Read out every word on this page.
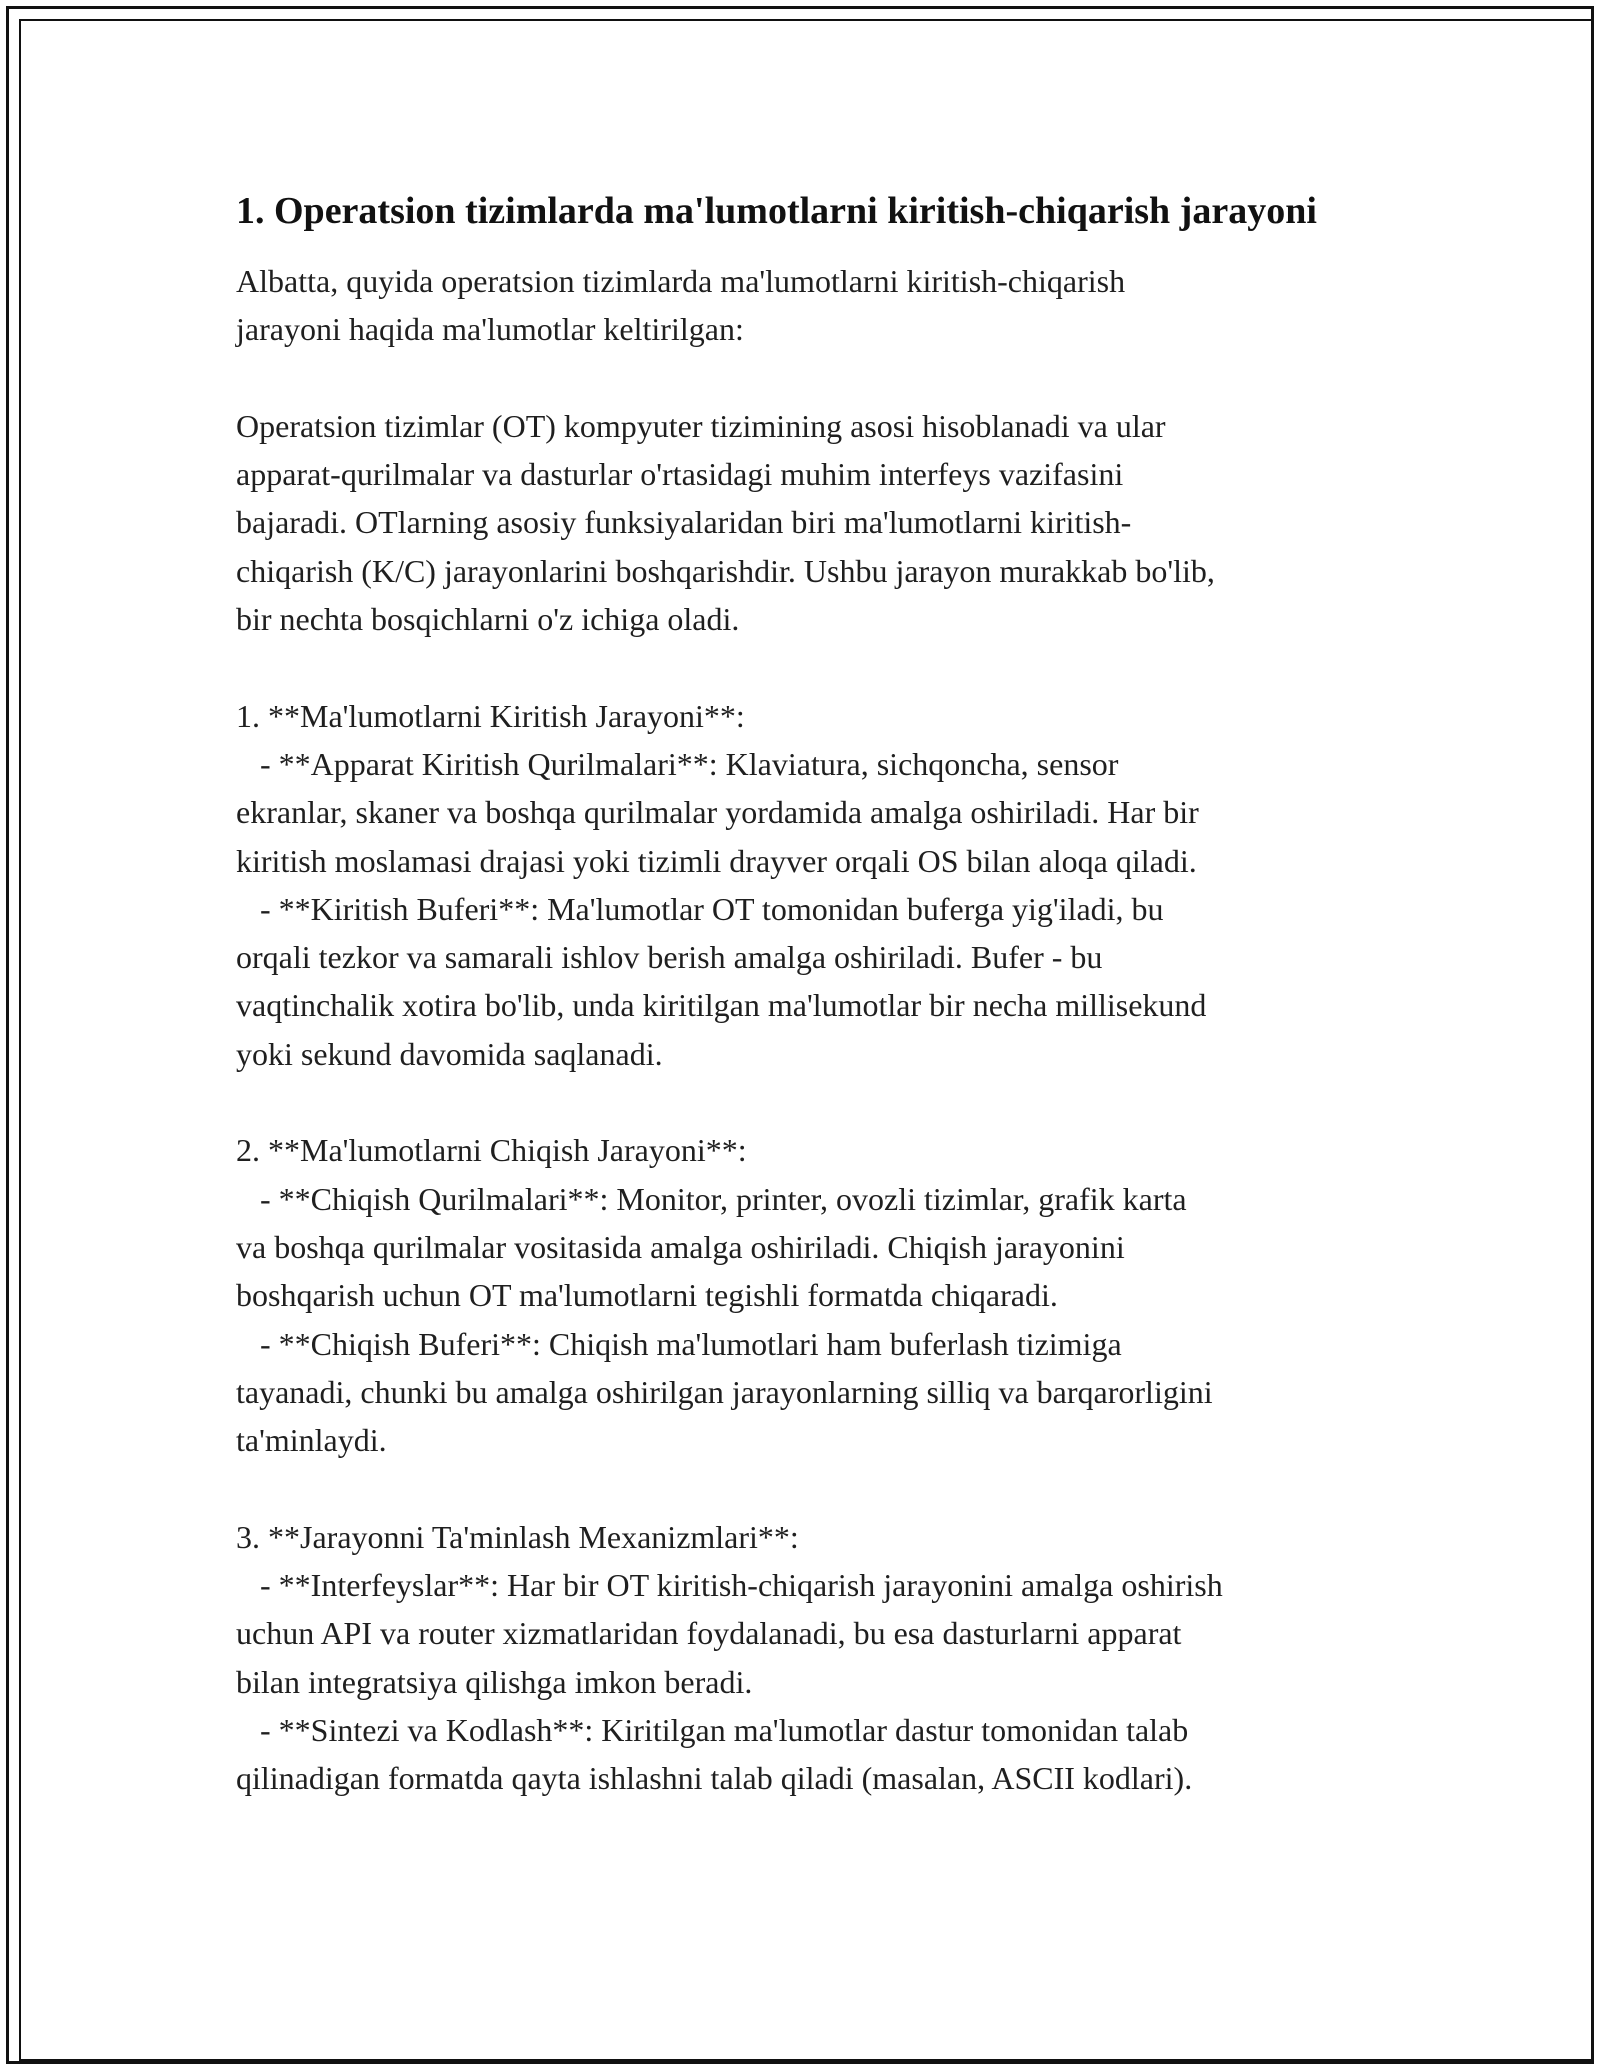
1. Operatsion tizimlarda ma'lumotlarni kiritish-chiqarish jarayoni
Albatta, quyida operatsion tizimlarda ma'lumotlarni kiritish-chiqarish
jarayoni haqida ma'lumotlar keltirilgan:

Operatsion tizimlar (OT) kompyuter tizimining asosi hisoblanadi va ular
apparat-qurilmalar va dasturlar o'rtasidagi muhim interfeys vazifasini
bajaradi. OTlarning asosiy funksiyalaridan biri ma'lumotlarni kiritish-
chiqarish (K/C) jarayonlarini boshqarishdir. Ushbu jarayon murakkab bo'lib,
bir nechta bosqichlarni o'z ichiga oladi.

1. **Ma'lumotlarni Kiritish Jarayoni**:
- **Apparat Kiritish Qurilmalari**: Klaviatura, sichqoncha, sensor
ekranlar, skaner va boshqa qurilmalar yordamida amalga oshiriladi. Har bir
kiritish moslamasi drajasi yoki tizimli drayver orqali OS bilan aloqa qiladi.
- **Kiritish Buferi**: Ma'lumotlar OT tomonidan buferga yig'iladi, bu
orqali tezkor va samarali ishlov berish amalga oshiriladi. Bufer - bu
vaqtinchalik xotira bo'lib, unda kiritilgan ma'lumotlar bir necha millisekund
yoki sekund davomida saqlanadi.

2. **Ma'lumotlarni Chiqish Jarayoni**:
- **Chiqish Qurilmalari**: Monitor, printer, ovozli tizimlar, grafik karta
va boshqa qurilmalar vositasida amalga oshiriladi. Chiqish jarayonini
boshqarish uchun OT ma'lumotlarni tegishli formatda chiqaradi.
- **Chiqish Buferi**: Chiqish ma'lumotlari ham buferlash tizimiga
tayanadi, chunki bu amalga oshirilgan jarayonlarning silliq va barqarorligini
ta'minlaydi.

3. **Jarayonni Ta'minlash Mexanizmlari**:
- **Interfeyslar**: Har bir OT kiritish-chiqarish jarayonini amalga oshirish
uchun API va router xizmatlaridan foydalanadi, bu esa dasturlarni apparat
bilan integratsiya qilishga imkon beradi.
- **Sintezi va Kodlash**: Kiritilgan ma'lumotlar dastur tomonidan talab
qilinadigan formatda qayta ishlashni talab qiladi (masalan, ASCII kodlari).
